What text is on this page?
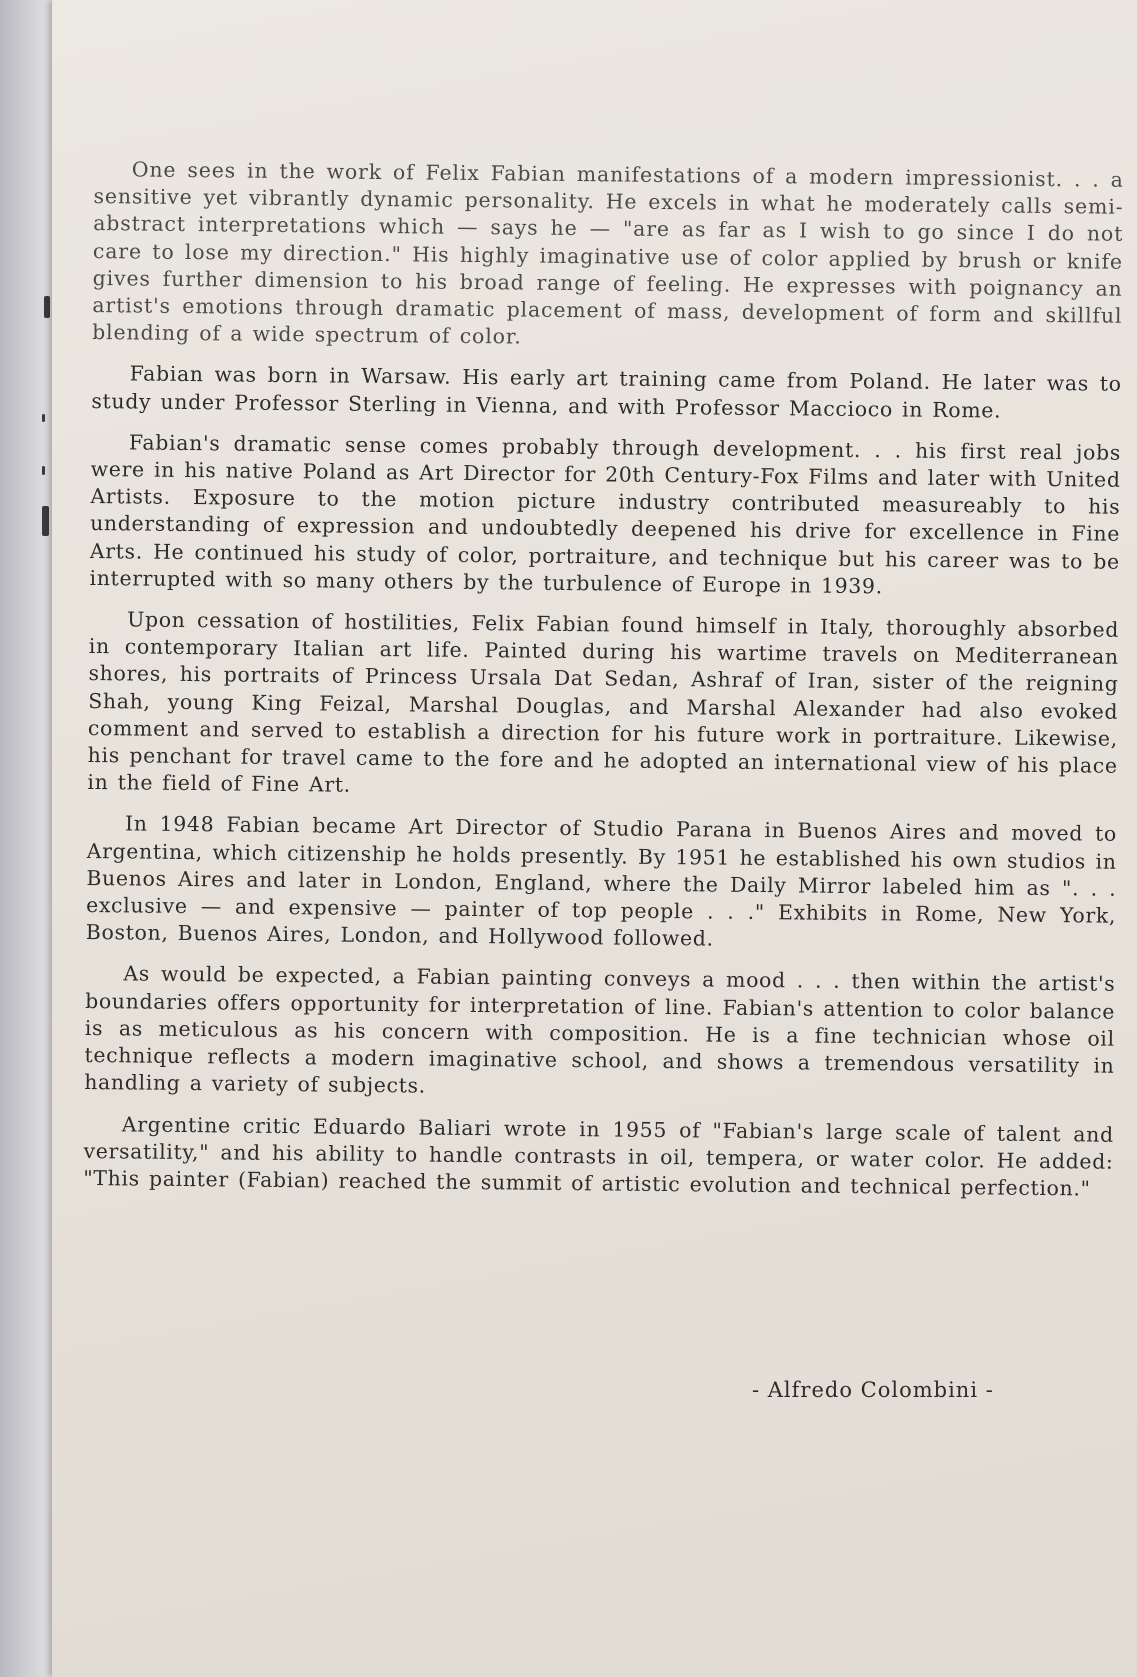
One sees in the work of Felix Fabian manifestations of a modern impressionist. . . a sensitive yet vibrantly dynamic personality. He excels in what he moderately calls semi-abstract interpretations which — says he — "are as far as I wish to go since I do not care to lose my direction." His highly imaginative use of color applied by brush or knife gives further dimension to his broad range of feeling. He expresses with poignancy an artist's emotions through dramatic placement of mass, development of form and skillful blending of a wide spectrum of color.

Fabian was born in Warsaw. His early art training came from Poland. He later was to study under Professor Sterling in Vienna, and with Professor Maccioco in Rome.

Fabian's dramatic sense comes probably through development. . . his first real jobs were in his native Poland as Art Director for 20th Century-Fox Films and later with United Artists. Exposure to the motion picture industry contributed measureably to his understanding of expression and undoubtedly deepened his drive for excellence in Fine Arts. He continued his study of color, portraiture, and technique but his career was to be interrupted with so many others by the turbulence of Europe in 1939.

Upon cessation of hostilities, Felix Fabian found himself in Italy, thoroughly absorbed in contemporary Italian art life. Painted during his wartime travels on Mediterranean shores, his portraits of Princess Ursala Dat Sedan, Ashraf of Iran, sister of the reigning Shah, young King Feizal, Marshal Douglas, and Marshal Alexander had also evoked comment and served to establish a direction for his future work in portraiture. Likewise, his penchant for travel came to the fore and he adopted an international view of his place in the field of Fine Art.

In 1948 Fabian became Art Director of Studio Parana in Buenos Aires and moved to Argentina, which citizenship he holds presently. By 1951 he established his own studios in Buenos Aires and later in London, England, where the Daily Mirror labeled him as ". . . exclusive — and expensive — painter of top people . . ." Exhibits in Rome, New York, Boston, Buenos Aires, London, and Hollywood followed.

As would be expected, a Fabian painting conveys a mood . . . then within the artist's boundaries offers opportunity for interpretation of line. Fabian's attention to color balance is as meticulous as his concern with composition. He is a fine technician whose oil technique reflects a modern imaginative school, and shows a tremendous versatility in handling a variety of subjects.

Argentine critic Eduardo Baliari wrote in 1955 of "Fabian's large scale of talent and versatility," and his ability to handle contrasts in oil, tempera, or water color. He added: "This painter (Fabian) reached the summit of artistic evolution and technical perfection."

- Alfredo Colombini -
